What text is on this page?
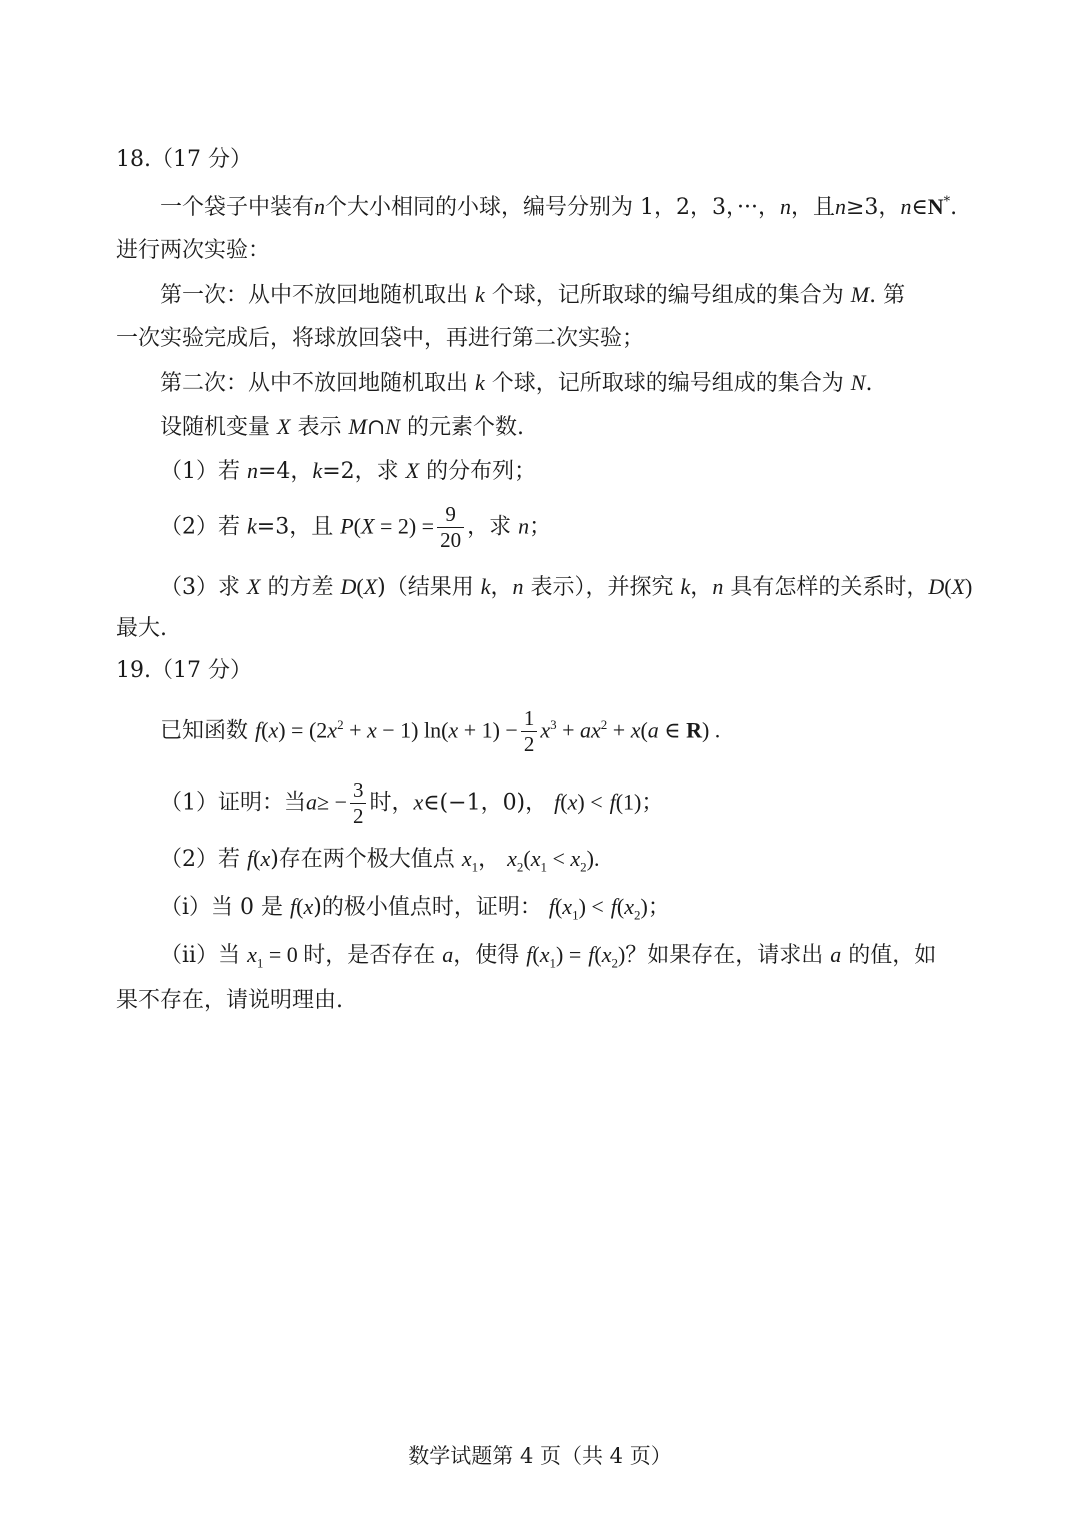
18.（17 分）
一个袋子中装有n个大小相同的小球，编号分别为 1，2，3，···，n，且n≥3，n∈N*.
进行两次实验：
第一次：从中不放回地随机取出 k 个球，记所取球的编号组成的集合为 M. 第
一次实验完成后，将球放回袋中，再进行第二次实验；
第二次：从中不放回地随机取出 k 个球，记所取球的编号组成的集合为 N.
设随机变量 X 表示 M∩N 的元素个数.
（1）若 n=4，k=2，求 X 的分布列；
（2）若 k=3，且 $P(X = 2) = \frac{9}{20}$ ，求 n；
（3）求 X 的方差 D(X)（结果用 k，n 表示），并探究 k，n 具有怎样的关系时，D(X)
最大.
19.（17 分）
已知函数 $f(x) = (2x^2 + x - 1) \ln(x + 1) - \frac{1}{2} x^3 + ax^2 + x(a$ ∈ R) .
（1）证明：当$a\ge - \frac{3}{2}$ 时，x∈(−1，0)， f(x) < f(1)；
（2）若 f(x)存在两个极大值点 $x_1$， $x_2(x_1 < x_2)$.
（i）当 0 是 f(x)的极小值点时，证明： $f(x_1) < f(x_2)$；
（ii）当 $x_1 = 0$ 时，是否存在 a，使得 $f(x_1) = f(x_2)$？如果存在，请求出 a 的值，如
果不存在，请说明理由.
数学试题第 4 页（共 4 页）
